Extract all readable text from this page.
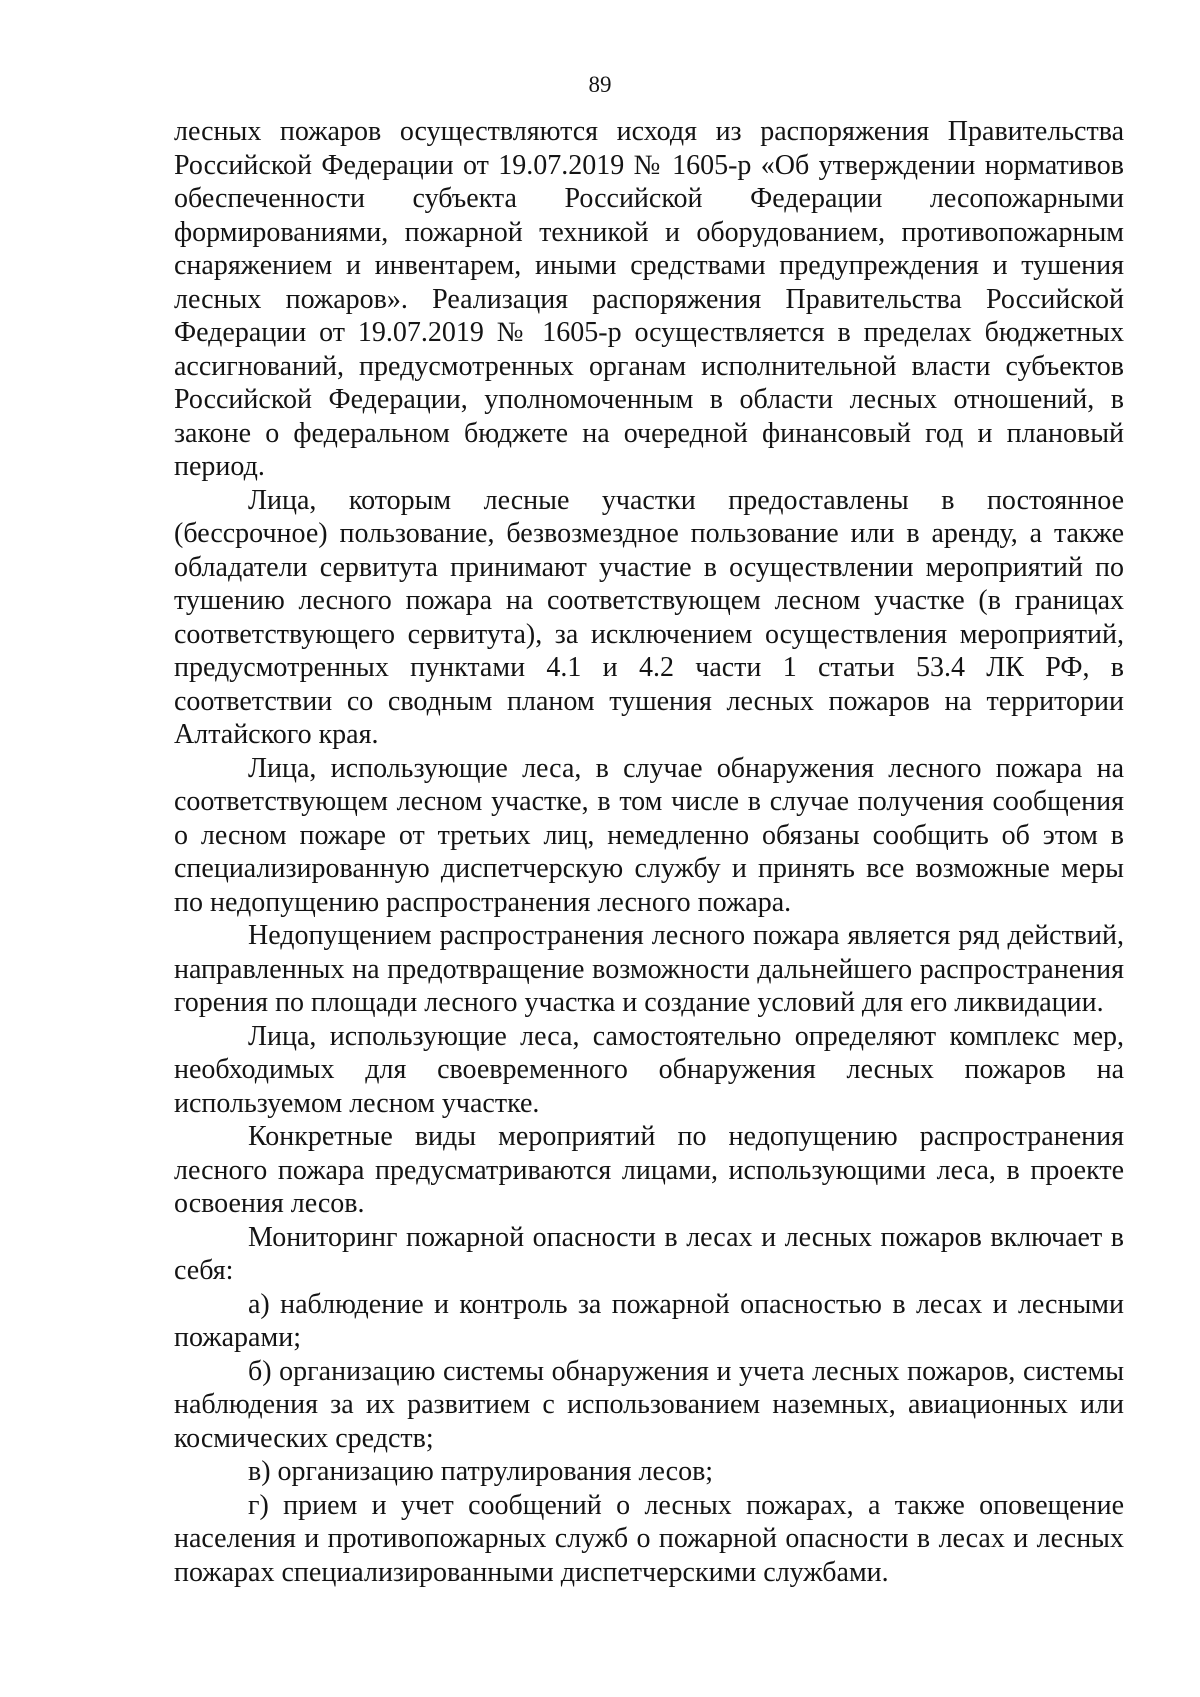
89

лесных пожаров осуществляются исходя из распоряжения Правительства Российской Федерации от 19.07.2019 № 1605-р «Об утверждении нормативов обеспеченности субъекта Российской Федерации лесопожарными формированиями, пожарной техникой и оборудованием, противопожарным снаряжением и инвентарем, иными средствами предупреждения и тушения лесных пожаров». Реализация распоряжения Правительства Российской Федерации от 19.07.2019 № 1605-р осуществляется в пределах бюджетных ассигнований, предусмотренных органам исполнительной власти субъектов Российской Федерации, уполномоченным в области лесных отношений, в законе о федеральном бюджете на очередной финансовый год и плановый период.

Лица, которым лесные участки предоставлены в постоянное (бессрочное) пользование, безвозмездное пользование или в аренду, а также обладатели сервитута принимают участие в осуществлении мероприятий по тушению лесного пожара на соответствующем лесном участке (в границах соответствующего сервитута), за исключением осуществления мероприятий, предусмотренных пунктами 4.1 и 4.2 части 1 статьи 53.4 ЛК РФ, в соответствии со сводным планом тушения лесных пожаров на территории Алтайского края.

Лица, использующие леса, в случае обнаружения лесного пожара на соответствующем лесном участке, в том числе в случае получения сообщения о лесном пожаре от третьих лиц, немедленно обязаны сообщить об этом в специализированную диспетчерскую службу и принять все возможные меры по недопущению распространения лесного пожара.

Недопущением распространения лесного пожара является ряд действий, направленных на предотвращение возможности дальнейшего распространения горения по площади лесного участка и создание условий для его ликвидации.

Лица, использующие леса, самостоятельно определяют комплекс мер, необходимых для своевременного обнаружения лесных пожаров на используемом лесном участке.

Конкретные виды мероприятий по недопущению распространения лесного пожара предусматриваются лицами, использующими леса, в проекте освоения лесов.

Мониторинг пожарной опасности в лесах и лесных пожаров включает в себя:

а) наблюдение и контроль за пожарной опасностью в лесах и лесными пожарами;

б) организацию системы обнаружения и учета лесных пожаров, системы наблюдения за их развитием с использованием наземных, авиационных или космических средств;

в) организацию патрулирования лесов;

г) прием и учет сообщений о лесных пожарах, а также оповещение населения и противопожарных служб о пожарной опасности в лесах и лесных пожарах специализированными диспетчерскими службами.
